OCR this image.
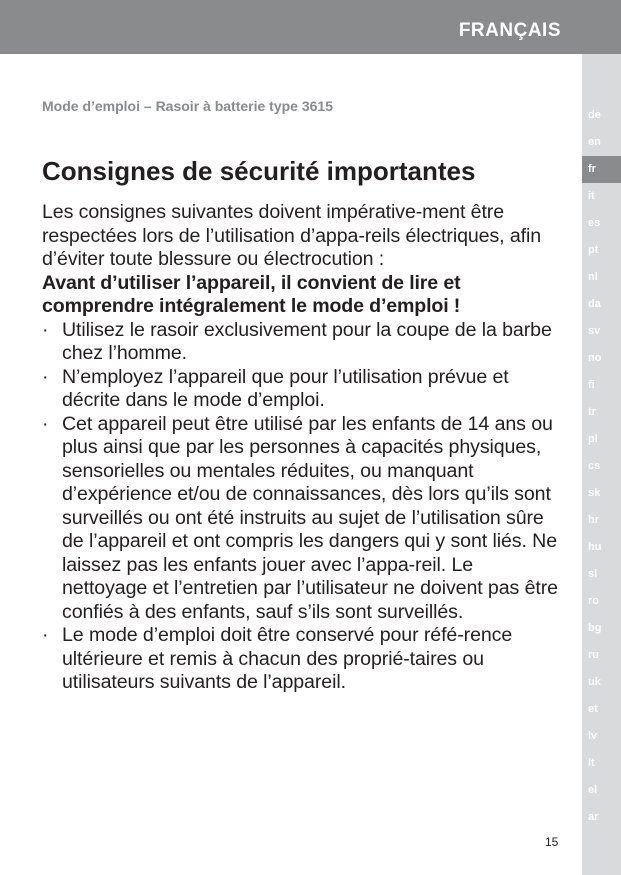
FRANÇAIS
de
en
fr
it
es
pt
nl
da
sv
no
fi
tr
pl
cs
sk
hr
hu
sl
ro
bg
ru
uk
et
lv
lt
el
ar
Mode d’emploi – Rasoir à batterie type 3615
Consignes de sécurité importantes

Les consignes suivantes doivent impérative-ment être respectées lors de l’utilisation d’appa-reils électriques, afin d’éviter toute blessure ou électrocution :

Avant d’utiliser l’appareil, il convient de lire et comprendre intégralement le mode d’emploi !

· Utilisez le rasoir exclusivement pour la coupe de la barbe chez l’homme.
· N’employez l’appareil que pour l’utilisation prévue et décrite dans le mode d’emploi.
· Cet appareil peut être utilisé par les enfants de 14 ans ou plus ainsi que par les personnes à capacités physiques, sensorielles ou mentales réduites, ou manquant d’expérience et/ou de connaissances, dès lors qu’ils sont surveillés ou ont été instruits au sujet de l’utilisation sûre de l’appareil et ont compris les dangers qui y sont liés. Ne laissez pas les enfants jouer avec l’appa-reil. Le nettoyage et l’entretien par l’utilisateur ne doivent pas être confiés à des enfants, sauf s’ils sont surveillés.
· Le mode d’emploi doit être conservé pour réfé-rence ultérieure et remis à chacun des proprié-taires ou utilisateurs suivants de l’appareil.
15
